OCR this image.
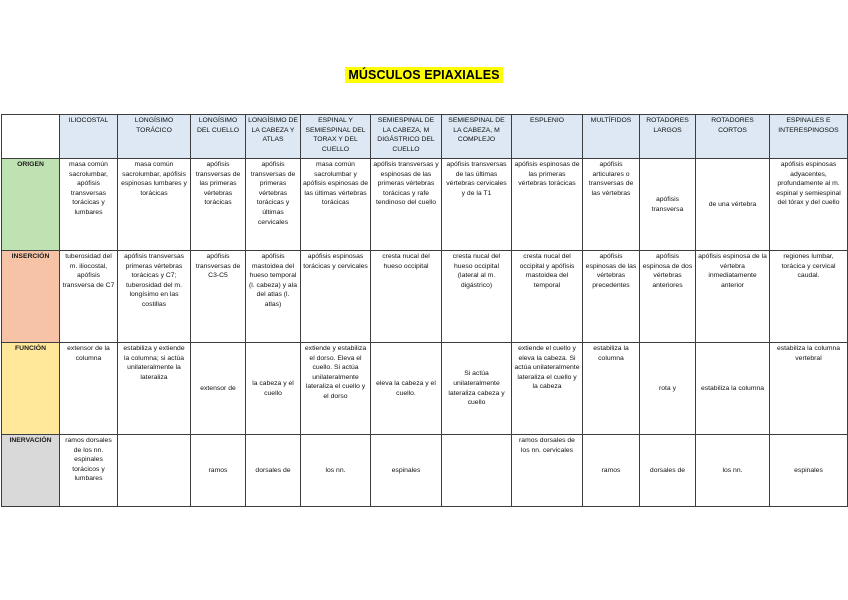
MÚSCULOS EPIAXIALES
	ILIOCOSTAL	LONGÍSIMO TORÁCICO	LONGÍSIMO DEL CUELLO	LONGÍSIMO DE LA CABEZA Y ATLAS	ESPINAL Y SEMIESPINAL DEL TORAX Y DEL CUELLO	SEMIESPINAL DE LA CABEZA, M DIGÁSTRICO DEL CUELLO	SEMIESPINAL DE LA CABEZA, M COMPLEJO	ESPLENIO	MULTÍFIDOS	ROTADORES LARGOS	ROTADORES CORTOS	ESPINALES E INTERESPINOSOS
ORIGEN	masa común sacrolumbar, apófisis transversas torácicas y lumbares	masa común sacrolumbar, apófisis espinosas lumbares y torácicas	apófisis transversas de las primeras vértebras torácicas	apófisis transversas de primeras vértebras torácicas y últimas cervicales	masa común sacrolumbar y apófisis espinosas de las últimas vértebras torácicas	apófisis transversas y espinosas de las primeras vértebras torácicas y rafe tendinoso del cuello	apófisis transversas de las últimas vértebras cervicales y de la T1	apófisis espinosas de las primeras vértebras torácicas	apófisis articulares o transversas de las vértebras	apófisis transversa	de una vértebra	apófisis espinosas adyacentes, profundamente al m. espinal y semiespinal del tórax y del cuello
INSERCIÓN	tuberosidad del m. iliocostal, apófisis transversa de C7	apófisis transversas primeras vértebras torácicas y C7; tuberosidad del m. longísimo en las costillas	apófisis transversas de C3-C5	apófisis mastoidea del hueso temporal (l. cabeza) y ala del atlas (l. atlas)	apófisis espinosas torácicas y cervicales	cresta nucal del hueso occipital	cresta nucal del hueso occipital (lateral al m. digástrico)	cresta nucal del occipital y apófisis mastoidea del temporal	apófisis espinosas de las vértebras precedentes	apófisis espinosa de dos vértebras anteriores	apófisis espinosa de la vértebra inmediatamente anterior	regiones lumbar, torácica y cervical caudal.
FUNCIÓN	extensor de la columna	estabiliza y extiende la columna; si actúa unilateralmente la lateraliza	extensor de	la cabeza y el cuello	extiende y estabiliza el dorso. Eleva el cuello. Si actúa unilateralmente lateraliza el cuello y el dorso	eleva la cabeza y el cuello.	Si actúa unilateralmente lateraliza cabeza y cuello	extiende el cuello y eleva la cabeza. Si actúa unilateralmente lateraliza el cuello y la cabeza	estabiliza la columna	rota y	estabiliza la columna	estabiliza la columna vertebral
INERVACIÓN	ramos dorsales de los nn. espinales torácicos y lumbares		ramos	dorsales de	los nn.	espinales		ramos dorsales de los nn. cervicales	ramos	dorsales de	los nn.	espinales
